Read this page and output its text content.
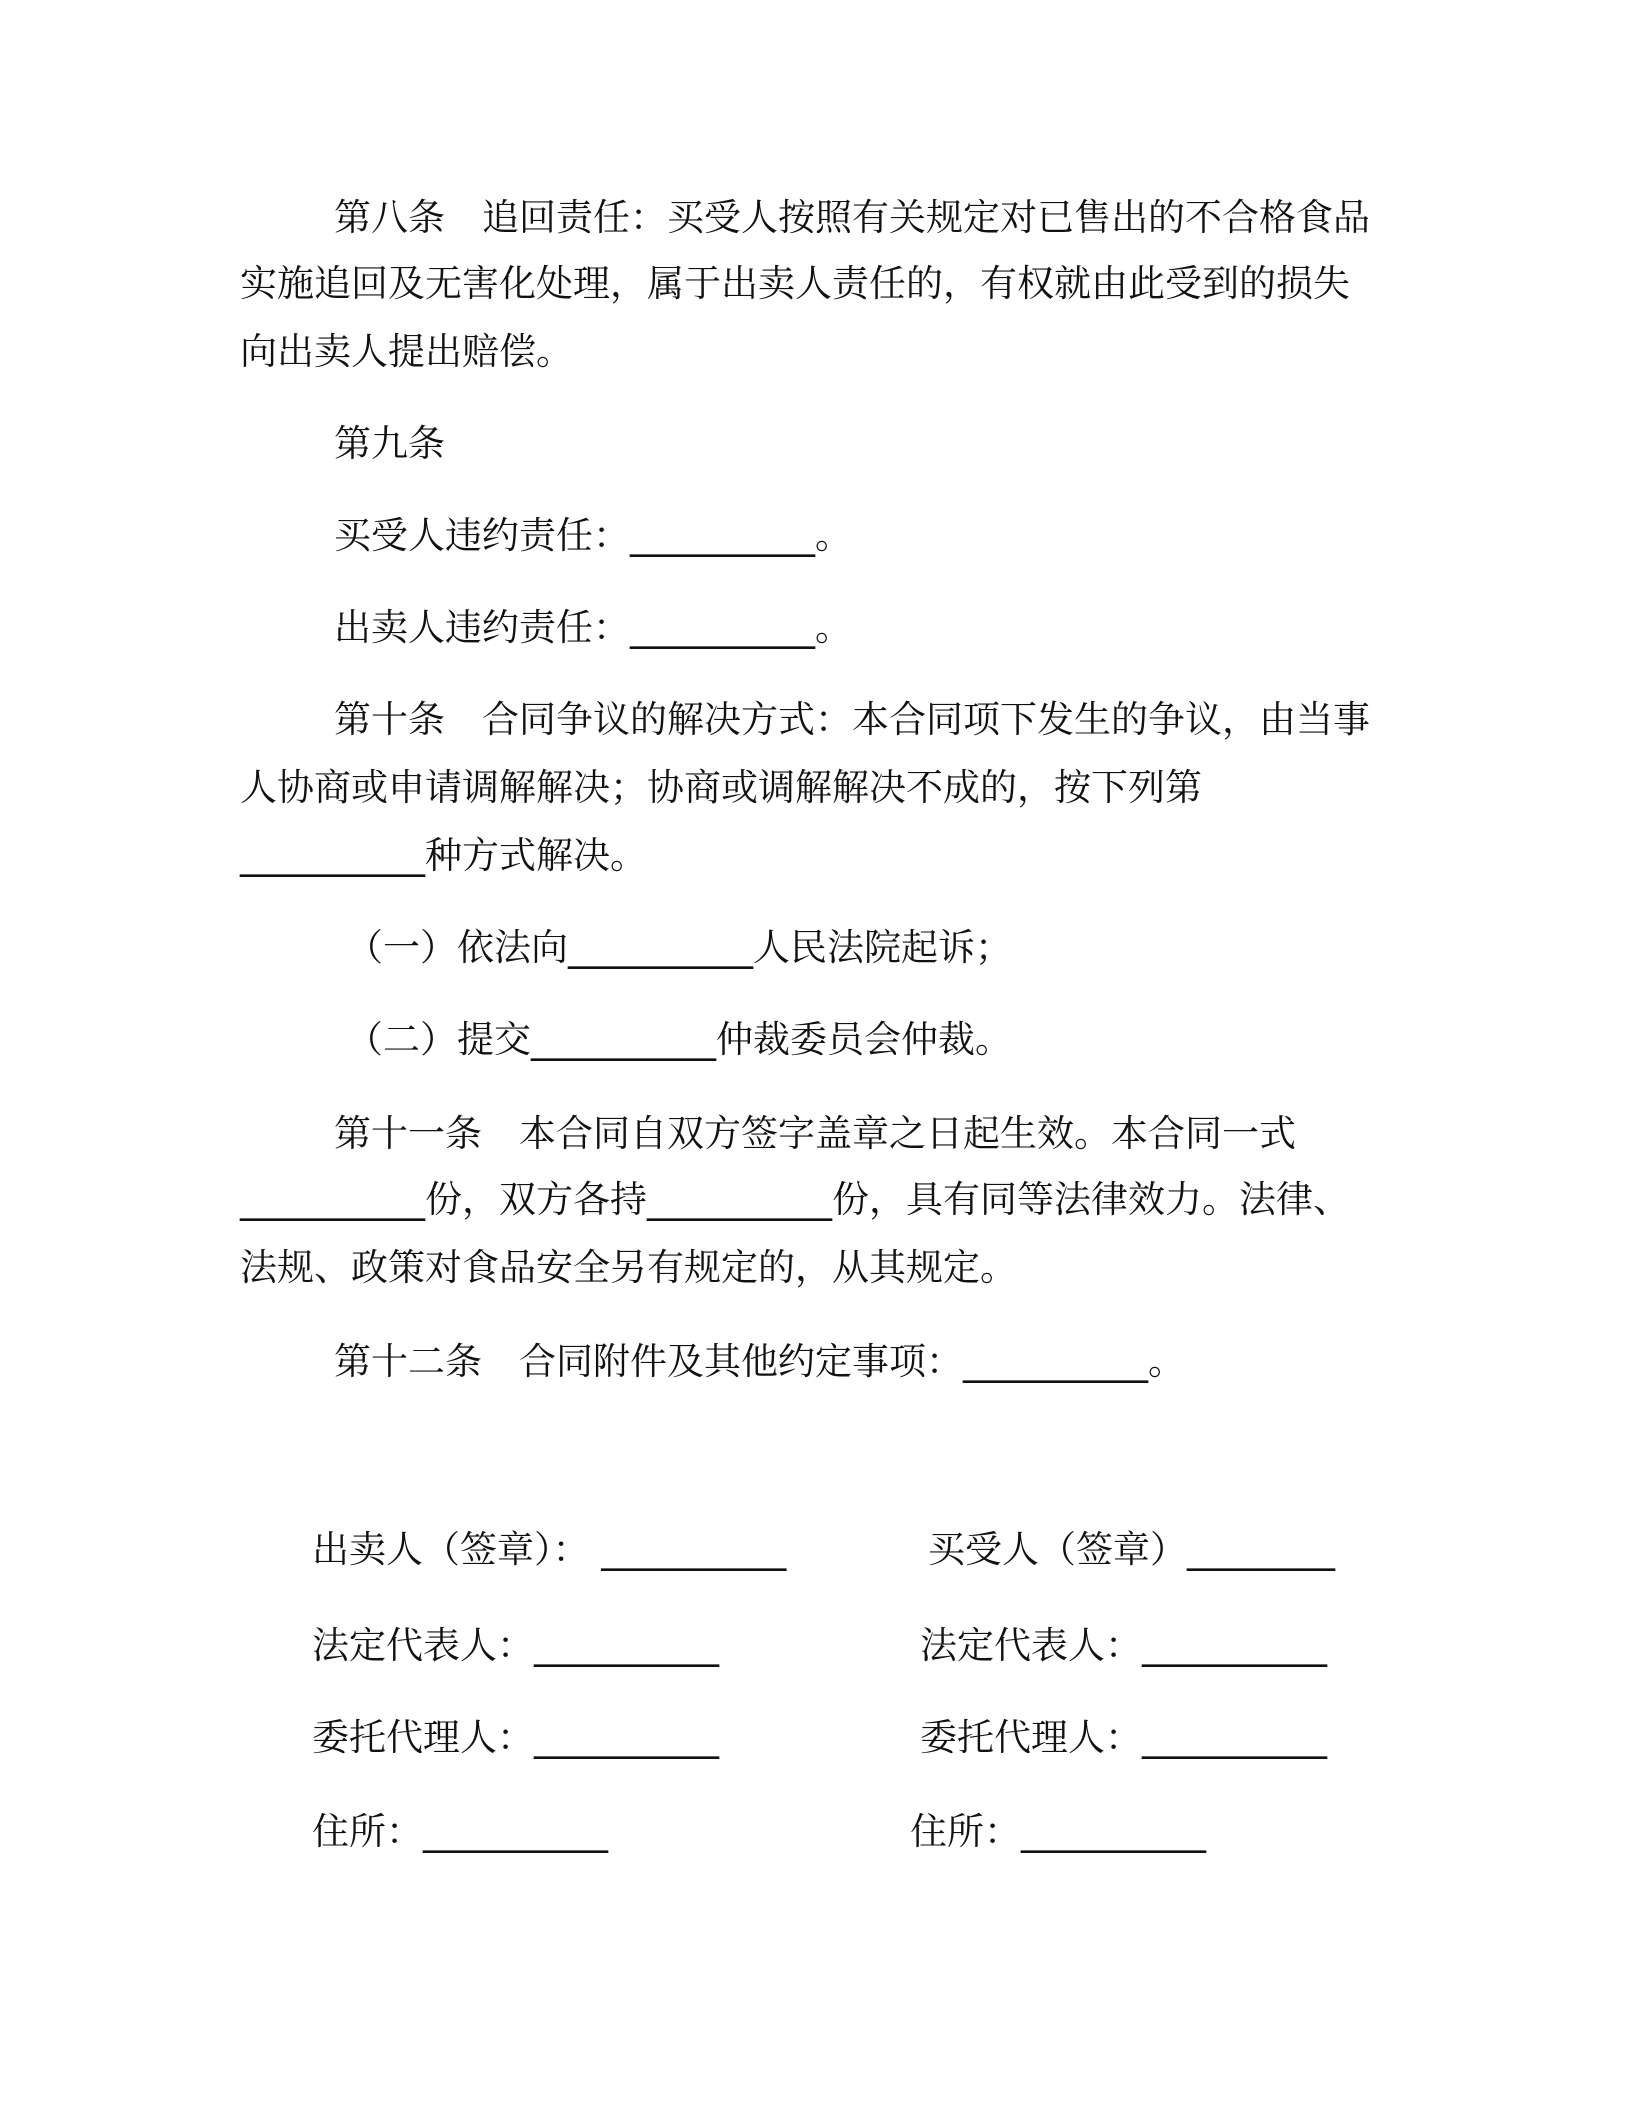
第八条　追回责任：买受人按照有关规定对已售出的不合格食品
实施追回及无害化处理，属于出卖人责任的，有权就由此受到的损失
向出卖人提出赔偿。
第九条
买受人违约责任：__________。
出卖人违约责任：__________。
第十条　合同争议的解决方式：本合同项下发生的争议，由当事
人协商或申请调解解决；协商或调解解决不成的，按下列第
__________种方式解决。
（一）依法向__________人民法院起诉；
（二）提交__________仲裁委员会仲裁。
第十一条　本合同自双方签字盖章之日起生效。本合同一式
__________份，双方各持__________份，具有同等法律效力。法律、
法规、政策对食品安全另有规定的，从其规定。
第十二条　合同附件及其他约定事项：__________。
出卖人（签章）： __________
法定代表人：__________
委托代理人：__________
住所：__________
买受人（签章）________
法定代表人：__________
委托代理人：__________
住所：__________
